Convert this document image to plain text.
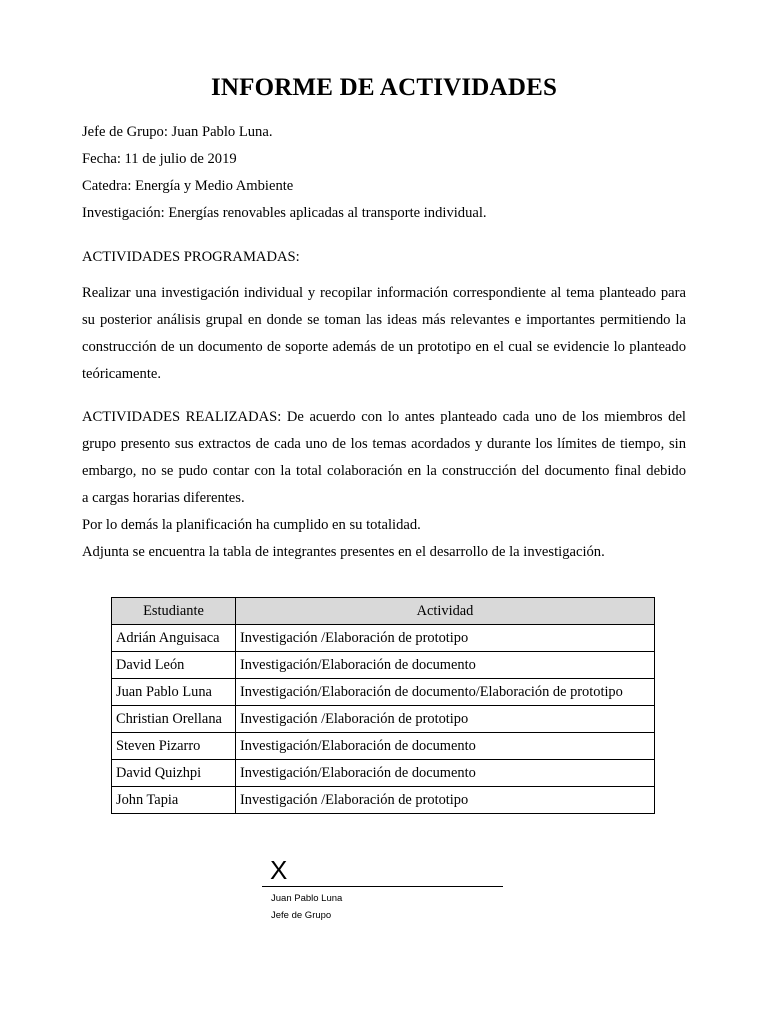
INFORME DE ACTIVIDADES
Jefe de Grupo: Juan Pablo Luna.
Fecha: 11 de julio de 2019
Catedra: Energía y Medio Ambiente
Investigación: Energías renovables aplicadas al transporte individual.
ACTIVIDADES PROGRAMADAS:
Realizar una investigación individual y recopilar información correspondiente al tema planteado para
su posterior análisis grupal en donde se toman las ideas más relevantes e importantes permitiendo la
construcción de un documento de soporte además de un prototipo en el cual se evidencie lo planteado
teóricamente.
ACTIVIDADES REALIZADAS: De acuerdo con lo antes planteado cada uno de los miembros del
grupo presento sus extractos de cada uno de los temas acordados y durante los límites de tiempo, sin
embargo, no se pudo contar con la total colaboración en la construcción del documento final debido
a cargas horarias diferentes.
Por lo demás la planificación ha cumplido en su totalidad.
Adjunta se encuentra la tabla de integrantes presentes en el desarrollo de la investigación.
Estudiante	Actividad
Adrián Anguisaca	Investigación /Elaboración de prototipo
David León	Investigación/Elaboración de documento
Juan Pablo Luna	Investigación/Elaboración de documento/Elaboración de prototipo
Christian Orellana	Investigación /Elaboración de prototipo
Steven Pizarro	Investigación/Elaboración de documento
David Quizhpi	Investigación/Elaboración de documento
John Tapia	Investigación /Elaboración de prototipo
X
Juan Pablo Luna
Jefe de Grupo
